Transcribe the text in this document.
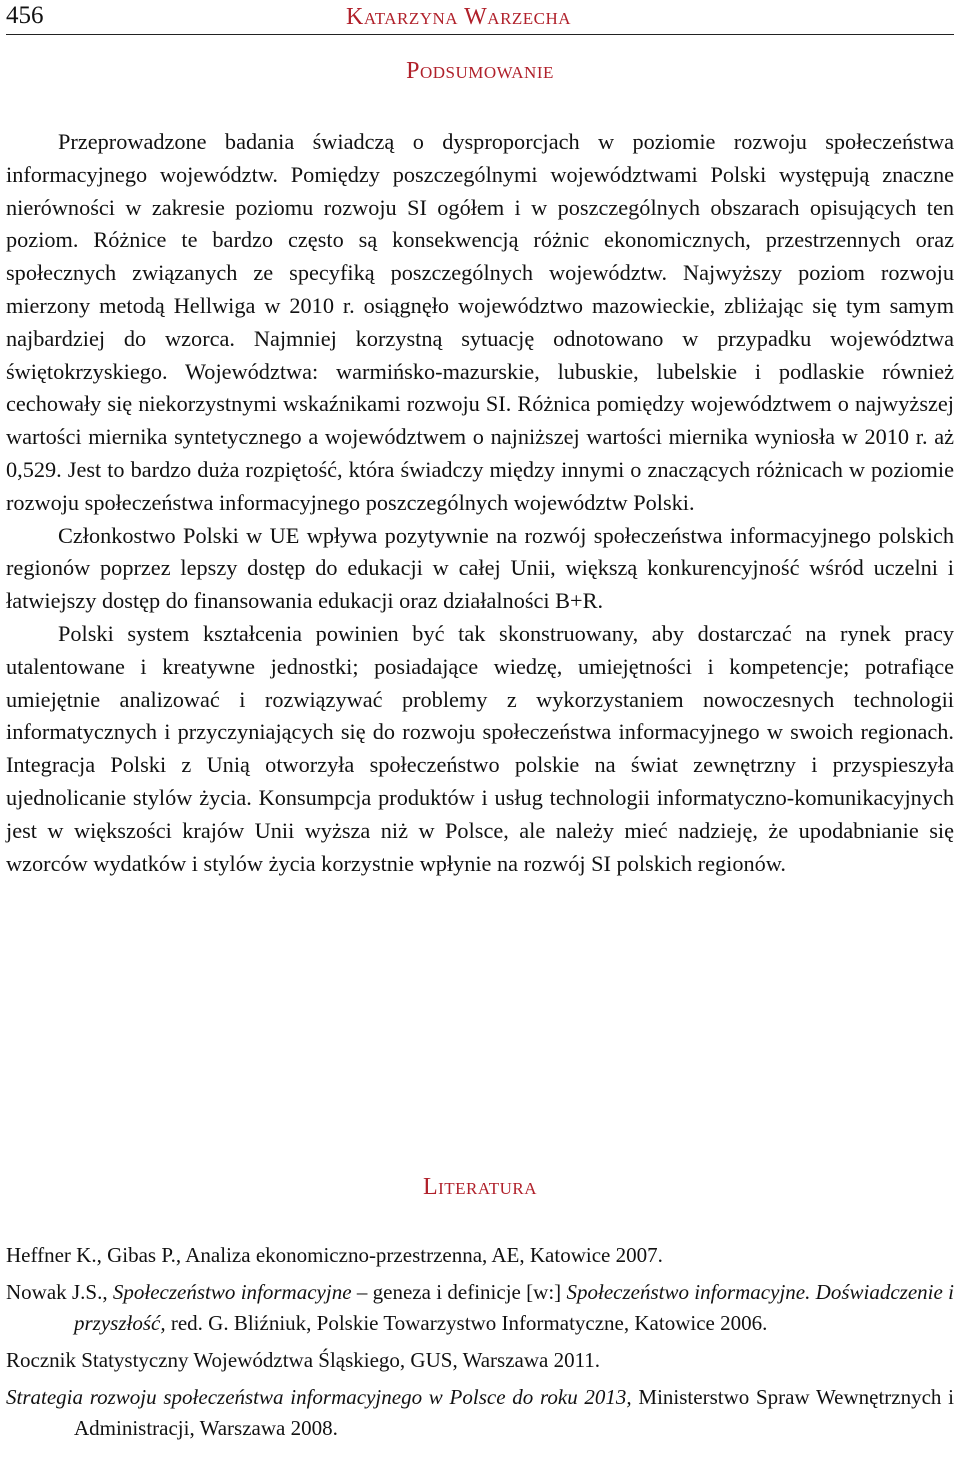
456	Katarzyna Warzecha
Podsumowanie

Przeprowadzone badania świadczą o dysproporcjach w poziomie rozwoju społeczeństwa informacyjnego województw. Pomiędzy poszczególnymi województwami Polski występują znaczne nierówności w zakresie poziomu rozwoju SI ogółem i w poszczególnych obszarach opisujących ten poziom. Różnice te bardzo często są konsekwencją różnic ekonomicznych, przestrzennych oraz społecznych związanych ze specyfiką poszczególnych województw. Najwyższy poziom rozwoju mierzony metodą Hellwiga w 2010 r. osiągnęło województwo mazowieckie, zbliżając się tym samym najbardziej do wzorca. Najmniej korzystną sytuację odnotowano w przypadku województwa świętokrzyskiego. Województwa: warmińsko-mazurskie, lubuskie, lubelskie i podlaskie również cechowały się niekorzystnymi wskaźnikami rozwoju SI. Różnica pomiędzy województwem o najwyższej wartości miernika syntetycznego a województwem o najniższej wartości miernika wyniosła w 2010 r. aż 0,529. Jest to bardzo duża rozpiętość, która świadczy między innymi o znaczących różnicach w poziomie rozwoju społeczeństwa informacyjnego poszczególnych województw Polski.

Członkostwo Polski w UE wpływa pozytywnie na rozwój społeczeństwa informacyjnego polskich regionów poprzez lepszy dostęp do edukacji w całej Unii, większą konkurencyjność wśród uczelni i łatwiejszy dostęp do finansowania edukacji oraz działalności B+R.

Polski system kształcenia powinien być tak skonstruowany, aby dostarczać na rynek pracy utalentowane i kreatywne jednostki; posiadające wiedzę, umiejętności i kompetencje; potrafiące umiejętnie analizować i rozwiązywać problemy z wykorzystaniem nowoczesnych technologii informatycznych i przyczyniających się do rozwoju społeczeństwa informacyjnego w swoich regionach. Integracja Polski z Unią otworzyła społeczeństwo polskie na świat zewnętrzny i przyspieszyła ujednolicanie stylów życia. Konsumpcja produktów i usług technologii informatyczno-komunikacyjnych jest w większości krajów Unii wyższa niż w Polsce, ale należy mieć nadzieję, że upodabnianie się wzorców wydatków i stylów życia korzystnie wpłynie na rozwój SI polskich regionów.

Literatura

Heffner K., Gibas P., Analiza ekonomiczno-przestrzenna, AE, Katowice 2007.

Nowak J.S., Społeczeństwo informacyjne – geneza i definicje [w:] Społeczeństwo informacyjne. Doświadczenie i przyszłość, red. G. Bliźniuk, Polskie Towarzystwo Informatyczne, Katowice 2006.

Rocznik Statystyczny Województwa Śląskiego, GUS, Warszawa 2011.

Strategia rozwoju społeczeństwa informacyjnego w Polsce do roku 2013, Ministerstwo Spraw Wewnętrznych i Administracji, Warszawa 2008.
